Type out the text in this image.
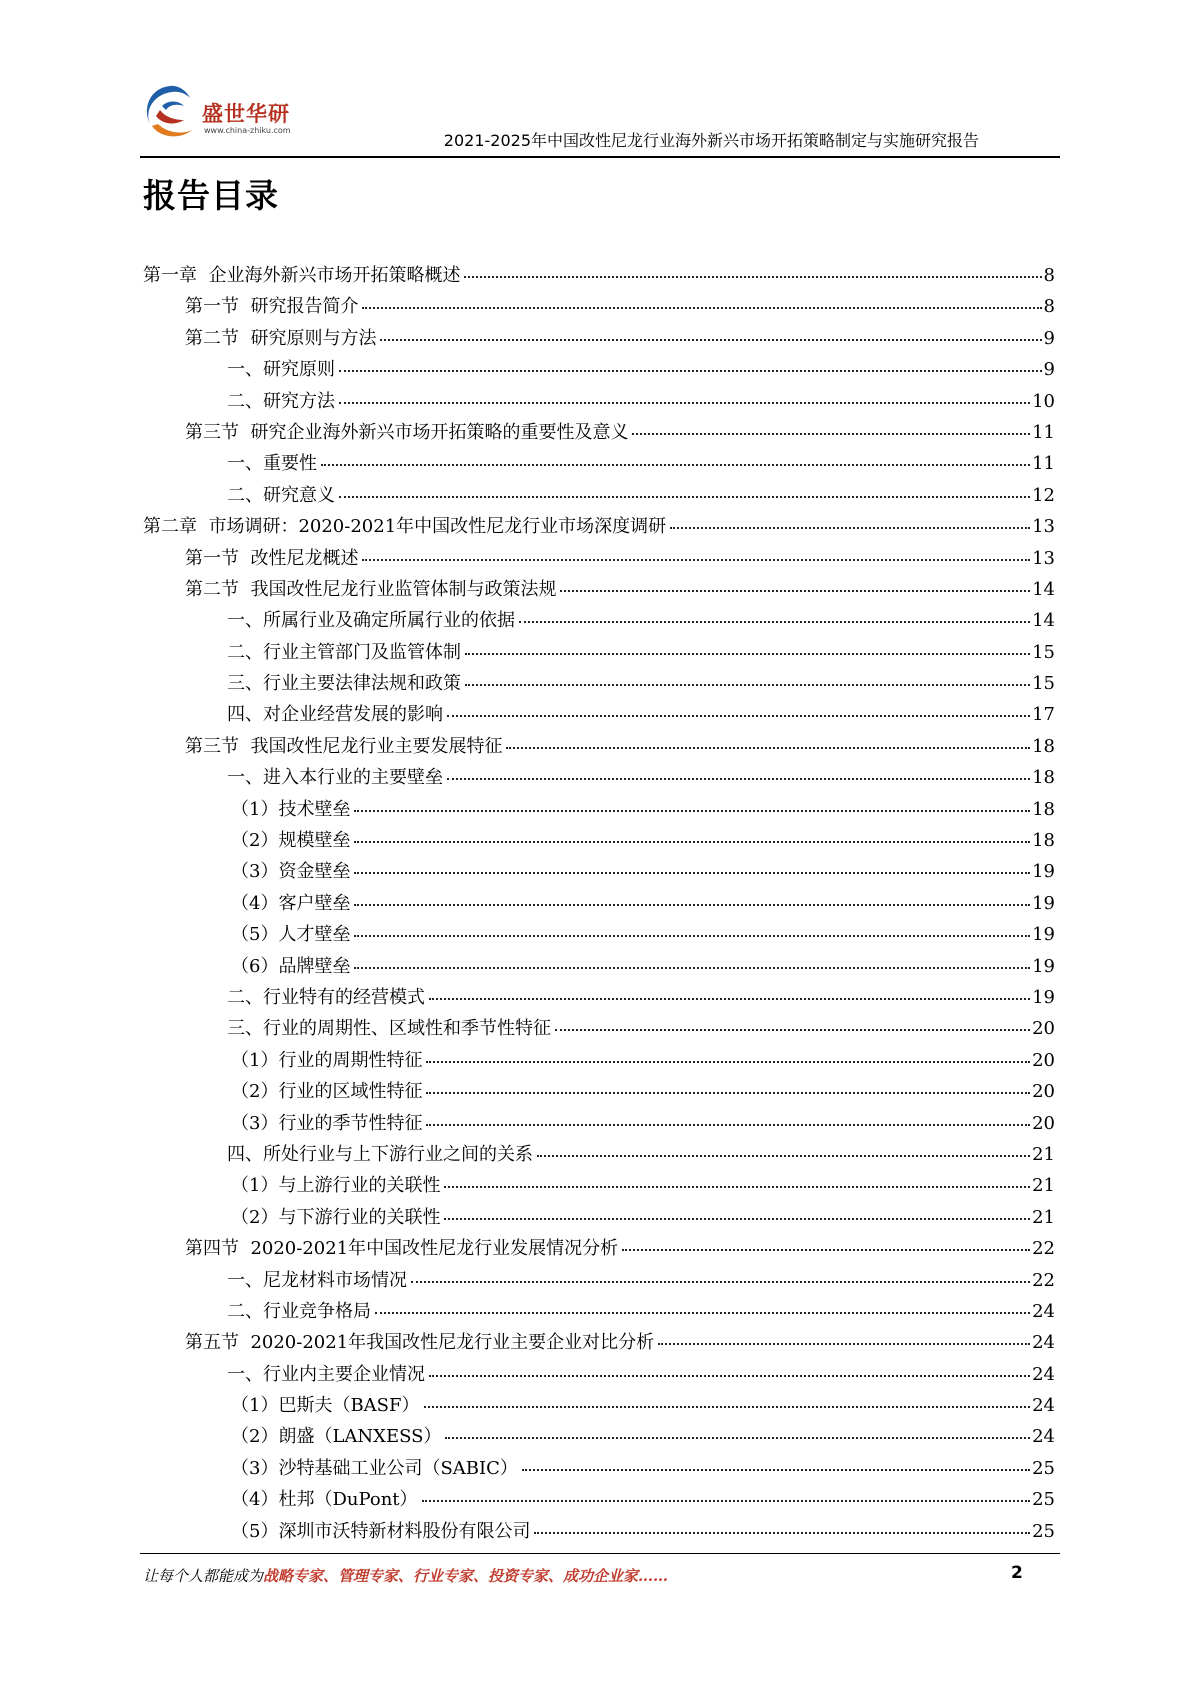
盛世华研
www.china-zhiku.com
2021-2025年中国改性尼龙行业海外新兴市场开拓策略制定与实施研究报告
报告目录
第一章  企业海外新兴市场开拓策略概述	8
第一节  研究报告简介	8
第二节  研究原则与方法	9
一、研究原则	9
二、研究方法	10
第三节  研究企业海外新兴市场开拓策略的重要性及意义	11
一、重要性	11
二、研究意义	12
第二章  市场调研：2020-2021年中国改性尼龙行业市场深度调研	13
第一节  改性尼龙概述	13
第二节  我国改性尼龙行业监管体制与政策法规	14
一、所属行业及确定所属行业的依据	14
二、行业主管部门及监管体制	15
三、行业主要法律法规和政策	15
四、对企业经营发展的影响	17
第三节  我国改性尼龙行业主要发展特征	18
一、进入本行业的主要壁垒	18
（1）技术壁垒	18
（2）规模壁垒	18
（3）资金壁垒	19
（4）客户壁垒	19
（5）人才壁垒	19
（6）品牌壁垒	19
二、行业特有的经营模式	19
三、行业的周期性、区域性和季节性特征	20
（1）行业的周期性特征	20
（2）行业的区域性特征	20
（3）行业的季节性特征	20
四、所处行业与上下游行业之间的关系	21
（1）与上游行业的关联性	21
（2）与下游行业的关联性	21
第四节  2020-2021年中国改性尼龙行业发展情况分析	22
一、尼龙材料市场情况	22
二、行业竞争格局	24
第五节  2020-2021年我国改性尼龙行业主要企业对比分析	24
一、行业内主要企业情况	24
（1）巴斯夫（BASF）	24
（2）朗盛（LANXESS）	24
（3）沙特基础工业公司（SABIC）	25
（4）杜邦（DuPont）	25
（5）深圳市沃特新材料股份有限公司	25
让每个人都能成为战略专家、管理专家、行业专家、投资专家、成功企业家……	2
